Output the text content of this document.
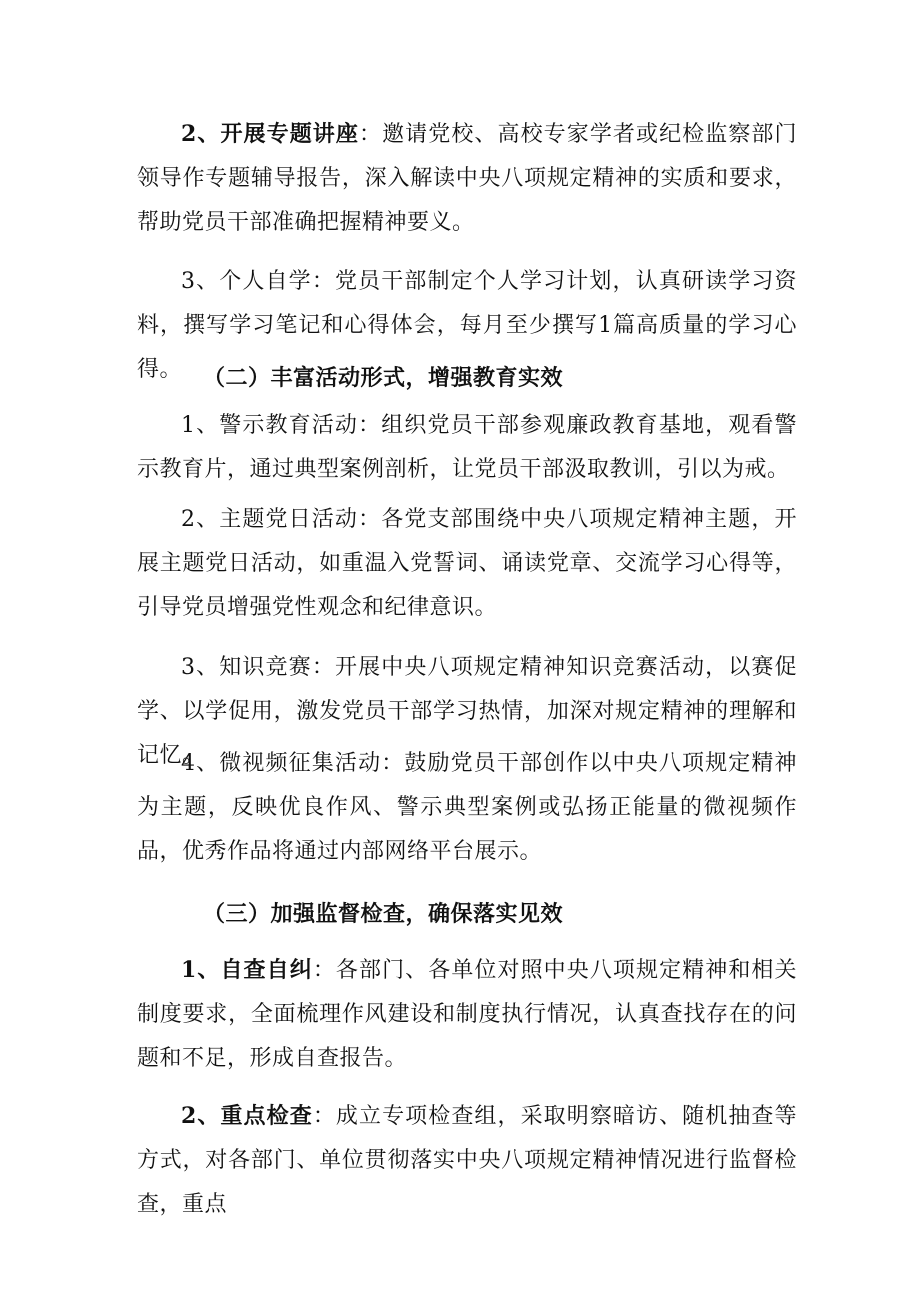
2、开展专题讲座：邀请党校、高校专家学者或纪检监察部门领导作专题辅导报告，深入解读中央八项规定精神的实质和要求，帮助党员干部准确把握精神要义。

3、个人自学：党员干部制定个人学习计划，认真研读学习资料，撰写学习笔记和心得体会，每月至少撰写1篇高质量的学习心得。 （二）丰富活动形式，增强教育实效

1、警示教育活动：组织党员干部参观廉政教育基地，观看警示教育片，通过典型案例剖析，让党员干部汲取教训，引以为戒。

2、主题党日活动：各党支部围绕中央八项规定精神主题，开展主题党日活动，如重温入党誓词、诵读党章、交流学习心得等，引导党员增强党性观念和纪律意识。

3、知识竞赛：开展中央八项规定精神知识竞赛活动，以赛促学、以学促用，激发党员干部学习热情，加深对规定精神的理解和记忆。

4、微视频征集活动：鼓励党员干部创作以中央八项规定精神为主题，反映优良作风、警示典型案例或弘扬正能量的微视频作品，优秀作品将通过内部网络平台展示。

（三）加强监督检查，确保落实见效

1、自查自纠：各部门、各单位对照中央八项规定精神和相关制度要求，全面梳理作风建设和制度执行情况，认真查找存在的问题和不足，形成自查报告。

2、重点检查：成立专项检查组，采取明察暗访、随机抽查等方式，对各部门、单位贯彻落实中央八项规定精神情况进行监督检查，重点
